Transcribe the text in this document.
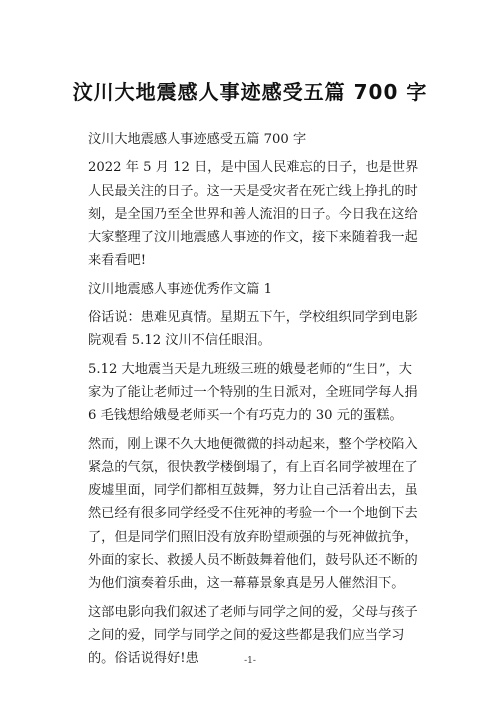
汶川大地震感人事迹感受五篇 700 字

汶川大地震感人事迹感受五篇 700 字

2022 年 5 月 12 日，是中国人民难忘的日子，也是世界人民最关注的日子。这一天是受灾者在死亡线上挣扎的时刻，是全国乃至全世界和善人流泪的日子。今日我在这给大家整理了汶川地震感人事迹的作文，接下来随着我一起来看看吧!

汶川地震感人事迹优秀作文篇 1

俗话说：患难见真情。星期五下午，学校组织同学到电影院观看 5.12 汶川不信任眼泪。

5.12 大地震当天是九班级三班的娥曼老师的“生日”，大家为了能让老师过一个特别的生日派对，全班同学每人捐 6 毛钱想给娥曼老师买一个有巧克力的 30 元的蛋糕。

然而，刚上课不久大地便微微的抖动起来，整个学校陷入紧急的气氛，很快教学楼倒塌了，有上百名同学被埋在了废墟里面，同学们都相互鼓舞，努力让自己活着出去，虽然已经有很多同学经受不住死神的考验一个一个地倒下去了，但是同学们照旧没有放弃盼望顽强的与死神做抗争，外面的家长、救援人员不断鼓舞着他们，鼓号队还不断的为他们演奏着乐曲，这一幕幕景象真是另人催然泪下。

这部电影向我们叙述了老师与同学之间的爱，父母与孩子之间的爱，同学与同学之间的爱这些都是我们应当学习的。俗话说得好!患	-1-
